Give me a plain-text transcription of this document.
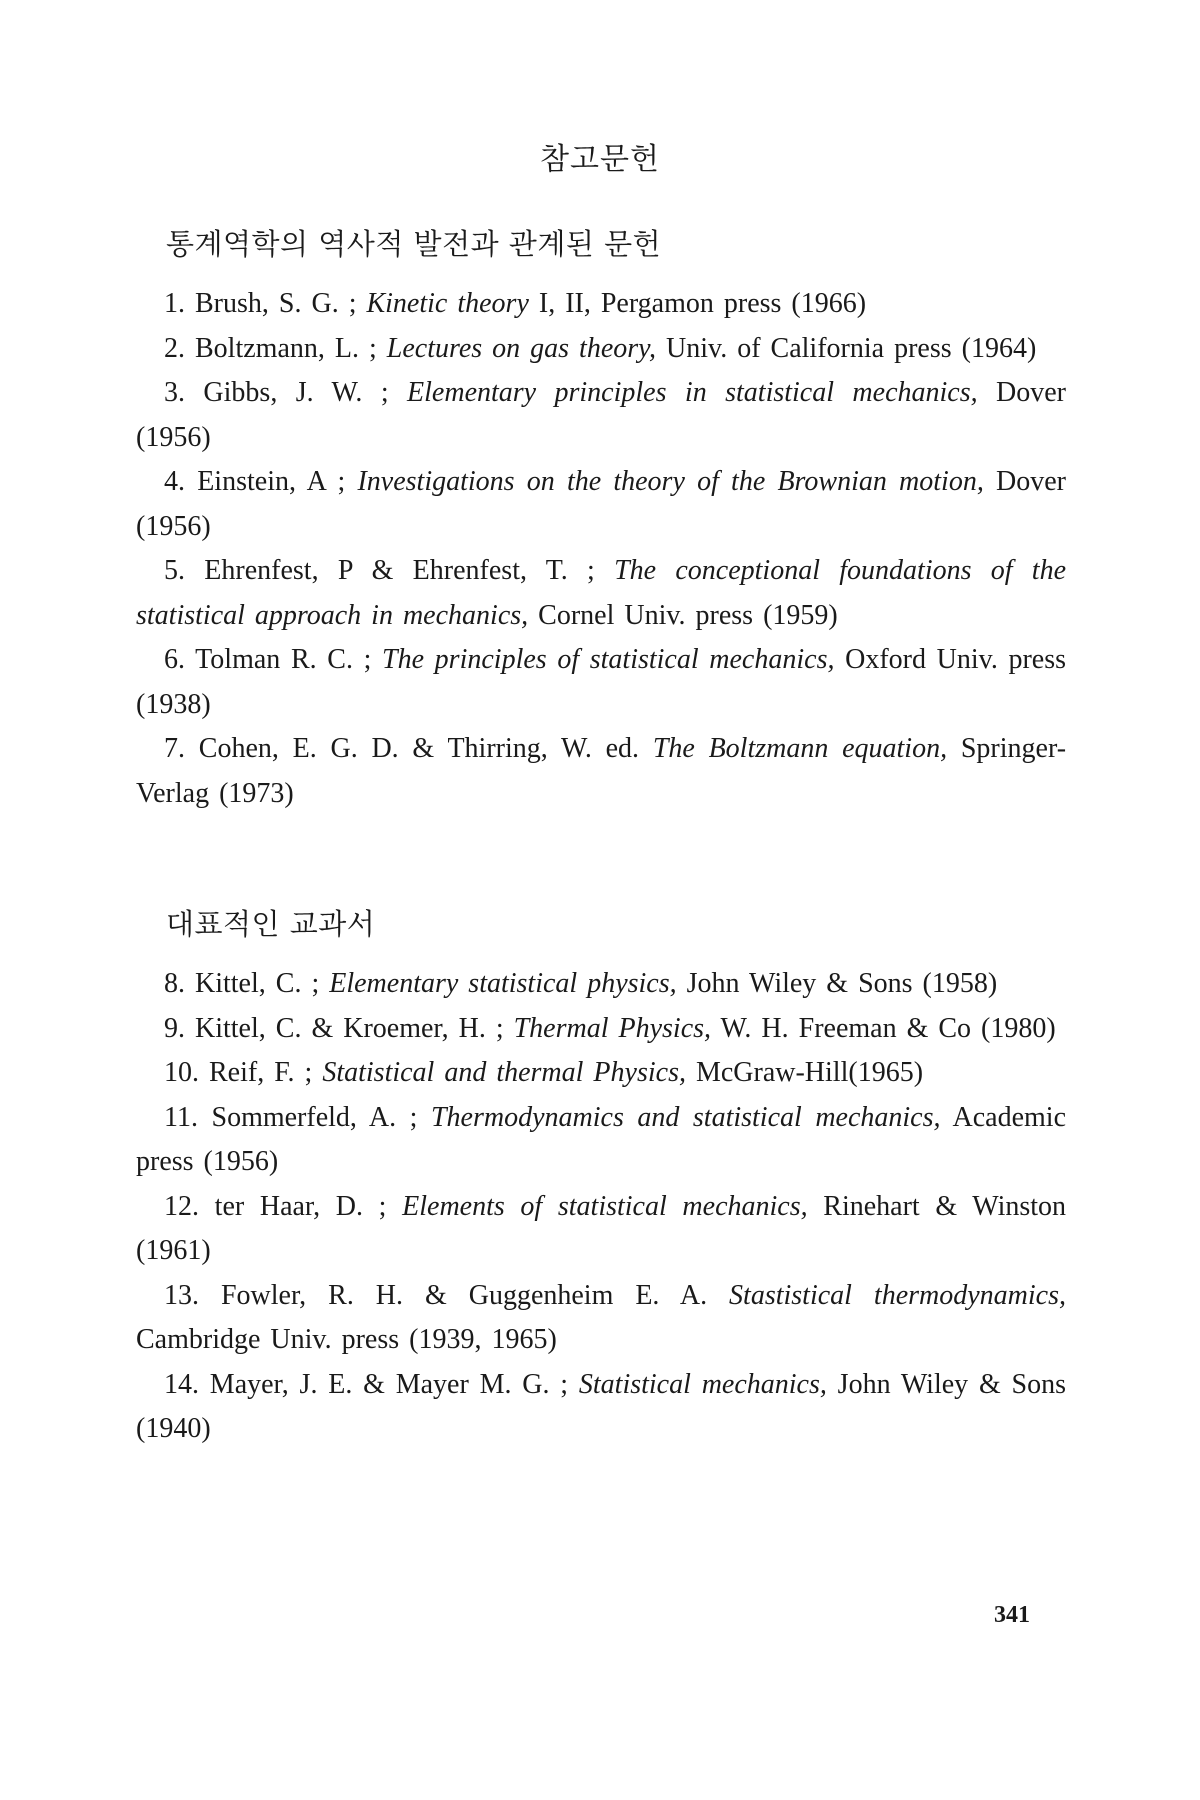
참고문헌
통계역학의 역사적 발전과 관계된 문헌

1. Brush, S. G. ; Kinetic theory I, II, Pergamon press (1966)

2. Boltzmann, L. ; Lectures on gas theory, Univ. of California press (1964)

3. Gibbs, J. W. ; Elementary principles in statistical mechanics, Dover (1956)

4. Einstein, A ; Investigations on the theory of the Brownian motion, Dover (1956)

5. Ehrenfest, P & Ehrenfest, T. ; The conceptional foundations of the statistical approach in mechanics, Cornel Univ. press (1959)

6. Tolman R. C. ; The principles of statistical mechanics, Oxford Univ. press (1938)

7. Cohen, E. G. D. & Thirring, W. ed. The Boltzmann equation, Springer-Verlag (1973)

대표적인 교과서

8. Kittel, C. ; Elementary statistical physics, John Wiley & Sons (1958)

9. Kittel, C. & Kroemer, H. ; Thermal Physics, W. H. Freeman & Co (1980)

10. Reif, F. ; Statistical and thermal Physics, McGraw-Hill(1965)

11. Sommerfeld, A. ; Thermodynamics and statistical mechanics, Academic press (1956)

12. ter Haar, D. ; Elements of statistical mechanics, Rinehart & Winston (1961)

13. Fowler, R. H. & Guggenheim E. A. Stastistical thermodynamics, Cambridge Univ. press (1939, 1965)

14. Mayer, J. E. & Mayer M. G. ; Statistical mechanics, John Wiley & Sons (1940)

341
